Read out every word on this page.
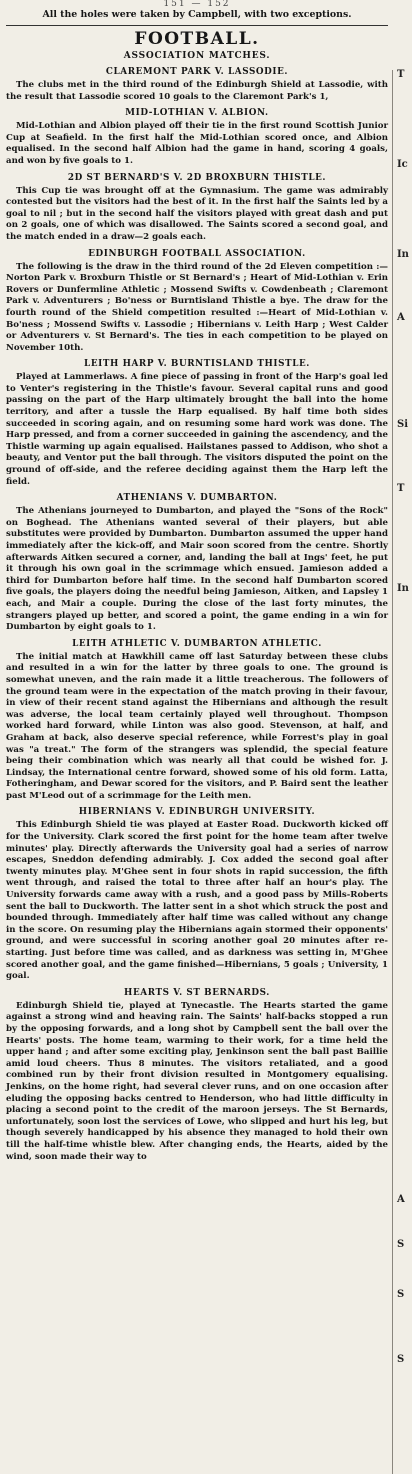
151 — 152
All the holes were taken by Campbell, with two exceptions.
FOOTBALL.
ASSOCIATION MATCHES.
CLAREMONT PARK V. LASSODIE.

The clubs met in the third round of the Edinburgh Shield at Lassodie, with the result that Lassodie scored 10 goals to the Claremont Park's 1,

MID-LOTHIAN V. ALBION.

Mid-Lothian and Albion played off their tie in the first round Scottish Junior Cup at Seafield. In the first half the Mid-Lothian scored once, and Albion equalised. In the second half Albion had the game in hand, scoring 4 goals, and won by five goals to 1.

2D ST BERNARD'S V. 2D BROXBURN THISTLE.

This Cup tie was brought off at the Gymnasium. The game was admirably contested but the visitors had the best of it. In the first half the Saints led by a goal to nil ; but in the second half the visitors played with great dash and put on 2 goals, one of which was disallowed. The Saints scored a second goal, and the match ended in a draw—2 goals each.

EDINBURGH FOOTBALL ASSOCIATION.

The following is the draw in the third round of the 2d Eleven competition :—Norton Park v. Broxburn Thistle or St Bernard's ; Heart of Mid-Lothian v. Erin Rovers or Dunfermline Athletic ; Mossend Swifts v. Cowdenbeath ; Claremont Park v. Adventurers ; Bo'ness or Burntisland Thistle a bye. The draw for the fourth round of the Shield competition resulted :—Heart of Mid-Lothian v. Bo'ness ; Mossend Swifts v. Lassodie ; Hibernians v. Leith Harp ; West Calder or Adventurers v. St Bernard's. The ties in each competition to be played on November 10th.

LEITH HARP V. BURNTISLAND THISTLE.

Played at Lammerlaws. A fine piece of passing in front of the Harp's goal led to Venter's registering in the Thistle's favour. Several capital runs and good passing on the part of the Harp ultimately brought the ball into the home territory, and after a tussle the Harp equalised. By half time both sides succeeded in scoring again, and on resuming some hard work was done. The Harp pressed, and from a corner succeeded in gaining the ascendency, and the Thistle warming up again equalised. Hailstanes passed to Addison, who shot a beauty, and Ventor put the ball through. The visitors disputed the point on the ground of off-side, and the referee deciding against them the Harp left the field.

ATHENIANS V. DUMBARTON.

The Athenians journeyed to Dumbarton, and played the "Sons of the Rock" on Boghead. The Athenians wanted several of their players, but able substitutes were provided by Dumbarton. Dumbarton assumed the upper hand immediately after the kick-off, and Mair soon scored from the centre. Shortly afterwards Aitken secured a corner, and, landing the ball at Ings' feet, he put it through his own goal in the scrimmage which ensued. Jamieson added a third for Dumbarton before half time. In the second half Dumbarton scored five goals, the players doing the needful being Jamieson, Aitken, and Lapsley 1 each, and Mair a couple. During the close of the last forty minutes, the strangers played up better, and scored a point, the game ending in a win for Dumbarton by eight goals to 1.

LEITH ATHLETIC V. DUMBARTON ATHLETIC.

The initial match at Hawkhill came off last Saturday between these clubs and resulted in a win for the latter by three goals to one. The ground is somewhat uneven, and the rain made it a little treacherous. The followers of the ground team were in the expectation of the match proving in their favour, in view of their recent stand against the Hibernians and although the result was adverse, the local team certainly played well throughout. Thompson worked hard forward, while Linton was also good. Stevenson, at half, and Graham at back, also deserve special reference, while Forrest's play in goal was "a treat." The form of the strangers was splendid, the special feature being their combination which was nearly all that could be wished for. J. Lindsay, the International centre forward, showed some of his old form. Latta, Fotheringham, and Dewar scored for the visitors, and P. Baird sent the leather past M'Leod out of a scrimmage for the Leith men.

HIBERNIANS V. EDINBURGH UNIVERSITY.

This Edinburgh Shield tie was played at Easter Road. Duckworth kicked off for the University. Clark scored the first point for the home team after twelve minutes' play. Directly afterwards the University goal had a series of narrow escapes, Sneddon defending admirably. J. Cox added the second goal after twenty minutes play. M'Ghee sent in four shots in rapid succession, the fifth went through, and raised the total to three after half an hour's play. The University forwards came away with a rush, and a good pass by Mills-Roberts sent the ball to Duckworth. The latter sent in a shot which struck the post and bounded through. Immediately after half time was called without any change in the score. On resuming play the Hibernians again stormed their opponents' ground, and were successful in scoring another goal 20 minutes after re-starting. Just before time was called, and as darkness was setting in, M'Ghee scored another goal, and the game finished—Hibernians, 5 goals ; University, 1 goal.

HEARTS V. ST BERNARDS.

Edinburgh Shield tie, played at Tynecastle. The Hearts started the game against a strong wind and heaving rain. The Saints' half-backs stopped a run by the opposing forwards, and a long shot by Campbell sent the ball over the Hearts' posts. The home team, warming to their work, for a time held the upper hand ; and after some exciting play, Jenkinson sent the ball past Baillie amid loud cheers. Thus 8 minutes. The visitors retaliated, and a good combined run by their front division resulted in Montgomery equalising. Jenkins, on the home right, had several clever runs, and on one occasion after eluding the opposing backs centred to Henderson, who had little difficulty in placing a second point to the credit of the maroon jerseys. The St Bernards, unfortunately, soon lost the services of Lowe, who slipped and hurt his leg, but though severely handicapped by his absence they managed to hold their own till the half-time whistle blew. After changing ends, the Hearts, aided by the wind, soon made their way to

T
Ic
In
A
Si
T
In
A
S
S
S
